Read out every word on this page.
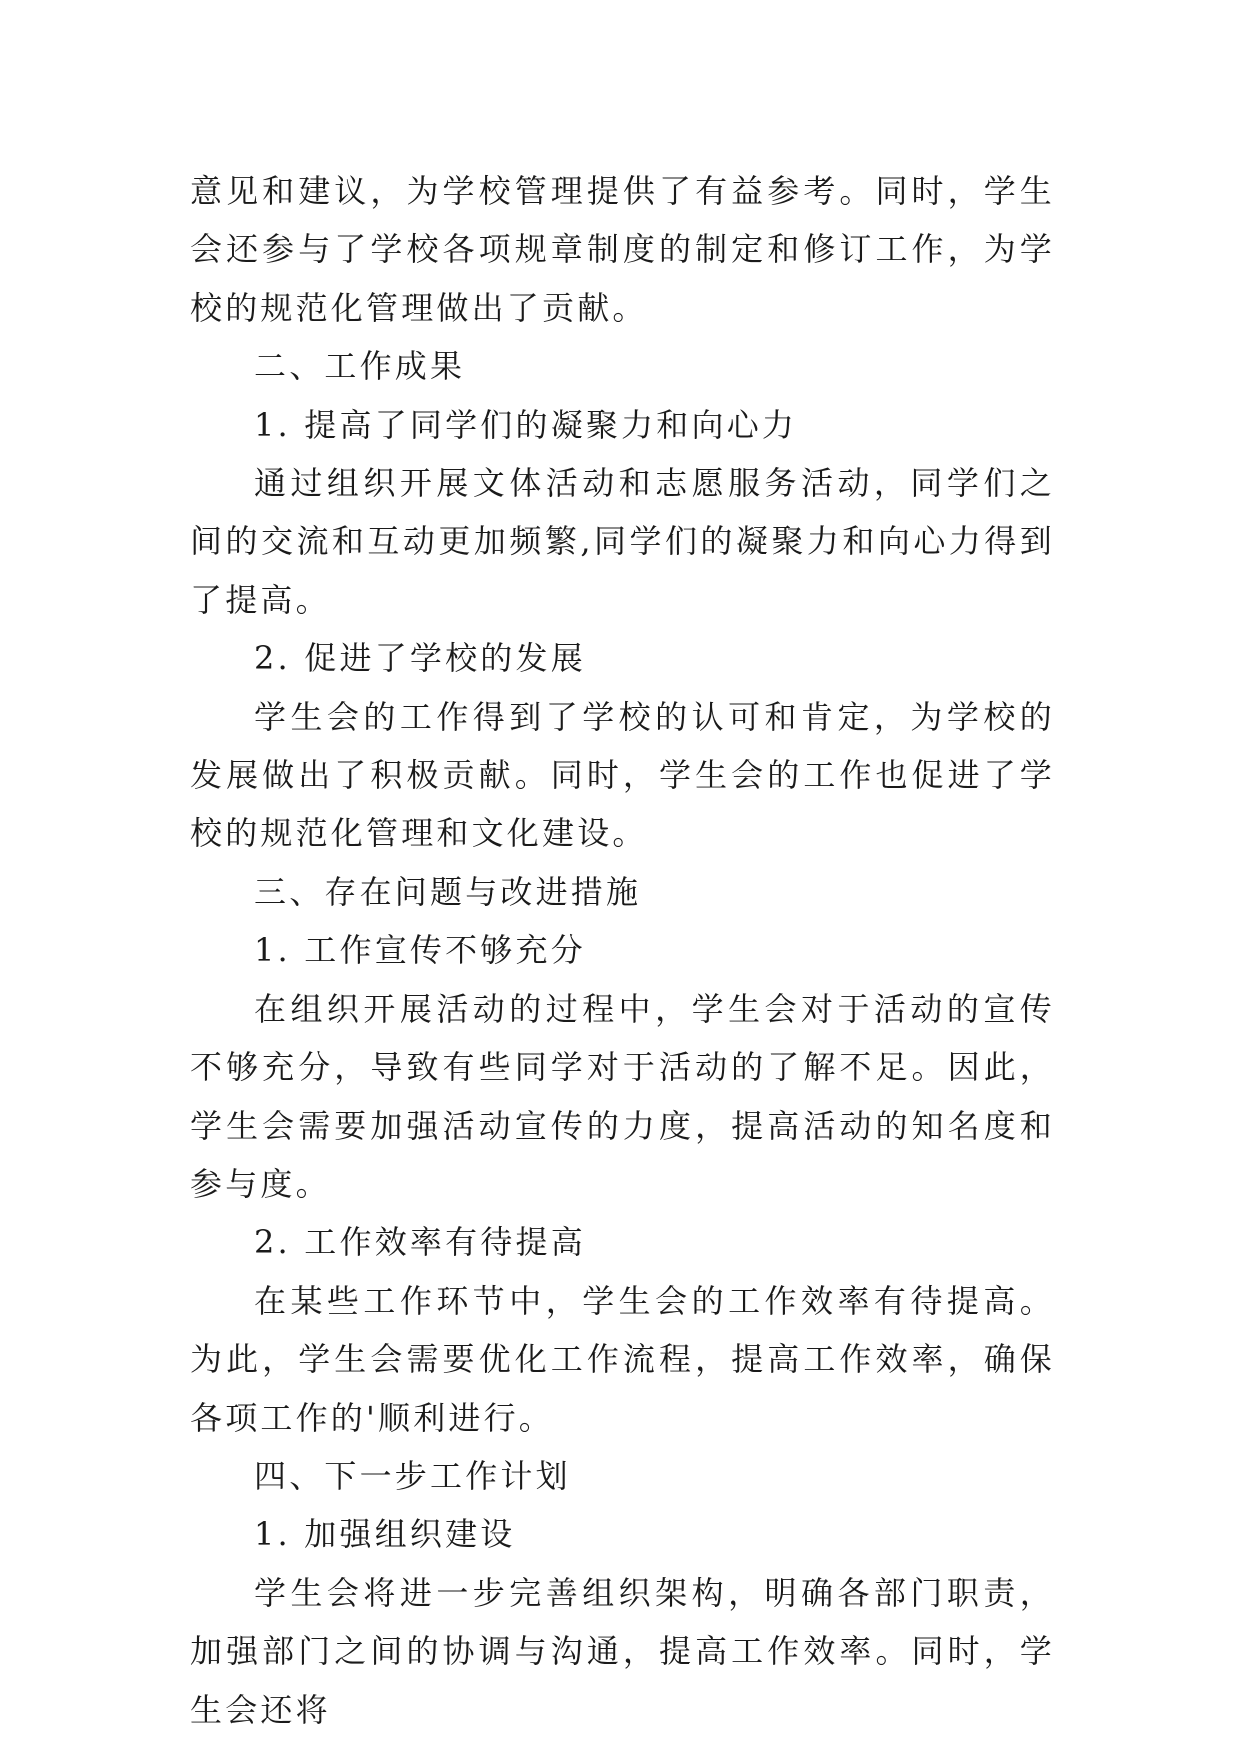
意见和建议，为学校管理提供了有益参考。同时，学生会还参与了学校各项规章制度的制定和修订工作，为学校的规范化管理做出了贡献。

二、工作成果

1. 提高了同学们的凝聚力和向心力

通过组织开展文体活动和志愿服务活动，同学们之间的交流和互动更加频繁,同学们的凝聚力和向心力得到了提高。

2. 促进了学校的发展

学生会的工作得到了学校的认可和肯定，为学校的发展做出了积极贡献。同时，学生会的工作也促进了学校的规范化管理和文化建设。

三、存在问题与改进措施

1. 工作宣传不够充分

在组织开展活动的过程中，学生会对于活动的宣传不够充分，导致有些同学对于活动的了解不足。因此，学生会需要加强活动宣传的力度，提高活动的知名度和参与度。

2. 工作效率有待提高

在某些工作环节中，学生会的工作效率有待提高。为此，学生会需要优化工作流程，提高工作效率，确保各项工作的'顺利进行。

四、下一步工作计划

1. 加强组织建设

学生会将进一步完善组织架构，明确各部门职责，加强部门之间的协调与沟通，提高工作效率。同时，学生会还将
